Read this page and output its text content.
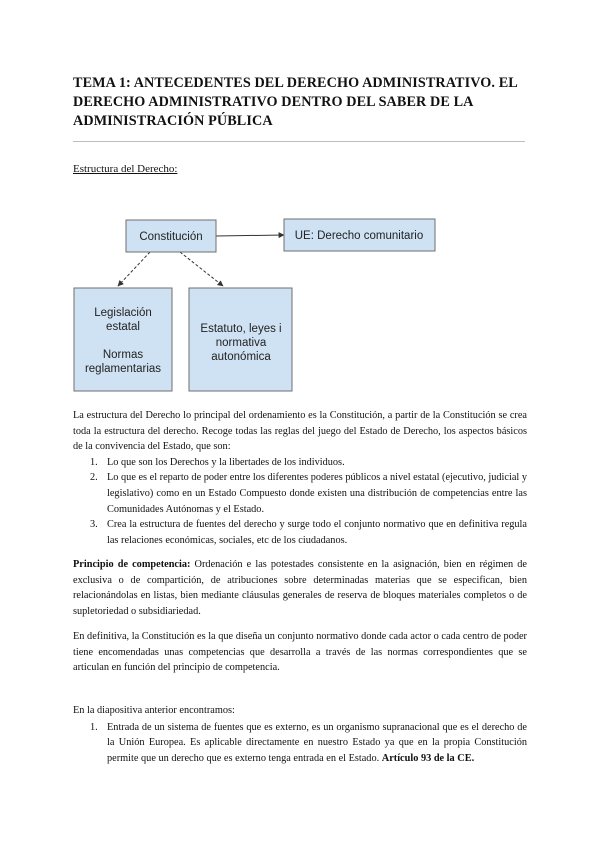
TEMA 1: ANTECEDENTES DEL DERECHO ADMINISTRATIVO. EL DERECHO ADMINISTRATIVO DENTRO DEL SABER DE LA ADMINISTRACIÓN PÚBLICA
Estructura del Derecho:
Constitución	UE: Derecho comunitario
Legislación
estatal
Normas
reglamentarias
Estatuto, leyes i
normativa
autonómica

La estructura del Derecho lo principal del ordenamiento es la Constitución, a partir de la Constitución se crea toda la estructura del derecho. Recoge todas las reglas del juego del Estado de Derecho, los aspectos básicos de la convivencia del Estado, que son:

1. Lo que son los Derechos y la libertades de los individuos.
2. Lo que es el reparto de poder entre los diferentes poderes públicos a nivel estatal (ejecutivo, judicial y legislativo) como en un Estado Compuesto donde existen una distribución de competencias entre las Comunidades Autónomas y el Estado.
3. Crea la estructura de fuentes del derecho y surge todo el conjunto normativo que en definitiva regula las relaciones económicas, sociales, etc de los ciudadanos.

Principio de competencia: Ordenación e las potestades consistente en la asignación, bien en régimen de exclusiva o de compartición, de atribuciones sobre determinadas materias que se especifican, bien relacionándolas en listas, bien mediante cláusulas generales de reserva de bloques materiales completos o de supletoriedad o subsidiariedad.

En definitiva, la Constitución es la que diseña un conjunto normativo donde cada actor o cada centro de poder tiene encomendadas unas competencias que desarrolla a través de las normas correspondientes que se articulan en función del principio de competencia.

En la diapositiva anterior encontramos:

1. Entrada de un sistema de fuentes que es externo, es un organismo supranacional que es el derecho de la Unión Europea. Es aplicable directamente en nuestro Estado ya que en la propia Constitución permite que un derecho que es externo tenga entrada en el Estado. Artículo 93 de la CE.
